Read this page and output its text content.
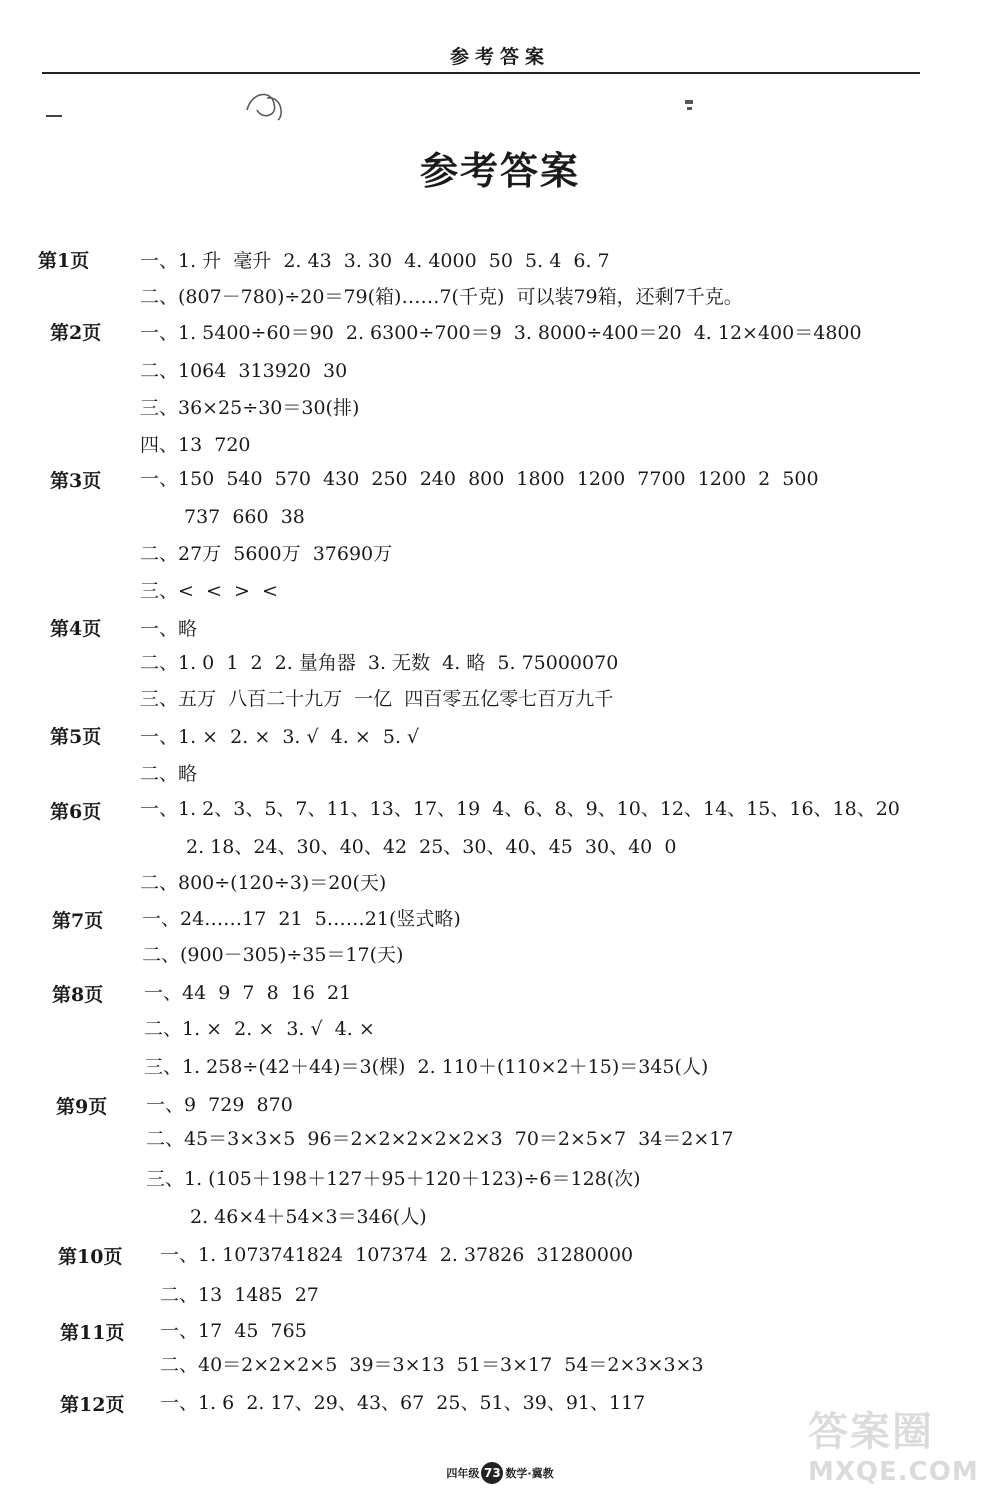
参考答案
参考答案
第1页	一、1. 升  毫升  2. 43  3. 30  4. 4000  50  5. 4  6. 7
二、(807－780)÷20＝79(箱)……7(千克)  可以装79箱，还剩7千克。
第2页 一、1. 5400÷60＝90  2. 6300÷700＝9  3. 8000÷400＝20  4. 12×400＝4800
二、1064  313920  30
三、36×25÷30＝30(排)
四、13  720
第3页 一、150  540  570  430  250  240  800  1800  1200  7700  1200  2  500
737  660  38
二、27万  5600万  37690万
三、<  <  >  <
第4页 一、略
二、1. 0  1  2  2. 量角器  3. 无数  4. 略  5. 75000070
三、五万  八百二十九万  一亿  四百零五亿零七百万九千
第5页 一、1. ×  2. ×  3. √  4. ×  5. √
二、略
第6页 一、1. 2、3、5、7、11、13、17、19  4、6、8、9、10、12、14、15、16、18、20
2. 18、24、30、40、42  25、30、40、45  30、40  0
二、800÷(120÷3)＝20(天)
第7页 一、24……17  21  5……21(竖式略)
二、(900－305)÷35＝17(天)
第8页 一、44  9  7  8  16  21
二、1. ×  2. ×  3. √  4. ×
三、1. 258÷(42＋44)＝3(棵)  2. 110＋(110×2＋15)＝345(人)
第9页 一、9  729  870
二、45＝3×3×5  96＝2×2×2×2×2×3  70＝2×5×7  34＝2×17
三、1. (105＋198＋127＋95＋120＋123)÷6＝128(次)
2. 46×4＋54×3＝346(人)
第10页 一、1. 1073741824  107374  2. 37826  31280000
二、13  1485  27
第11页 一、17  45  765
二、40＝2×2×2×5  39＝3×13  51＝3×17  54＝2×3×3×3
第12页 一、1. 6  2. 17、29、43、67  25、51、39、91、117
四年级 73 数学·冀教
答案圈
MXQE.COM
